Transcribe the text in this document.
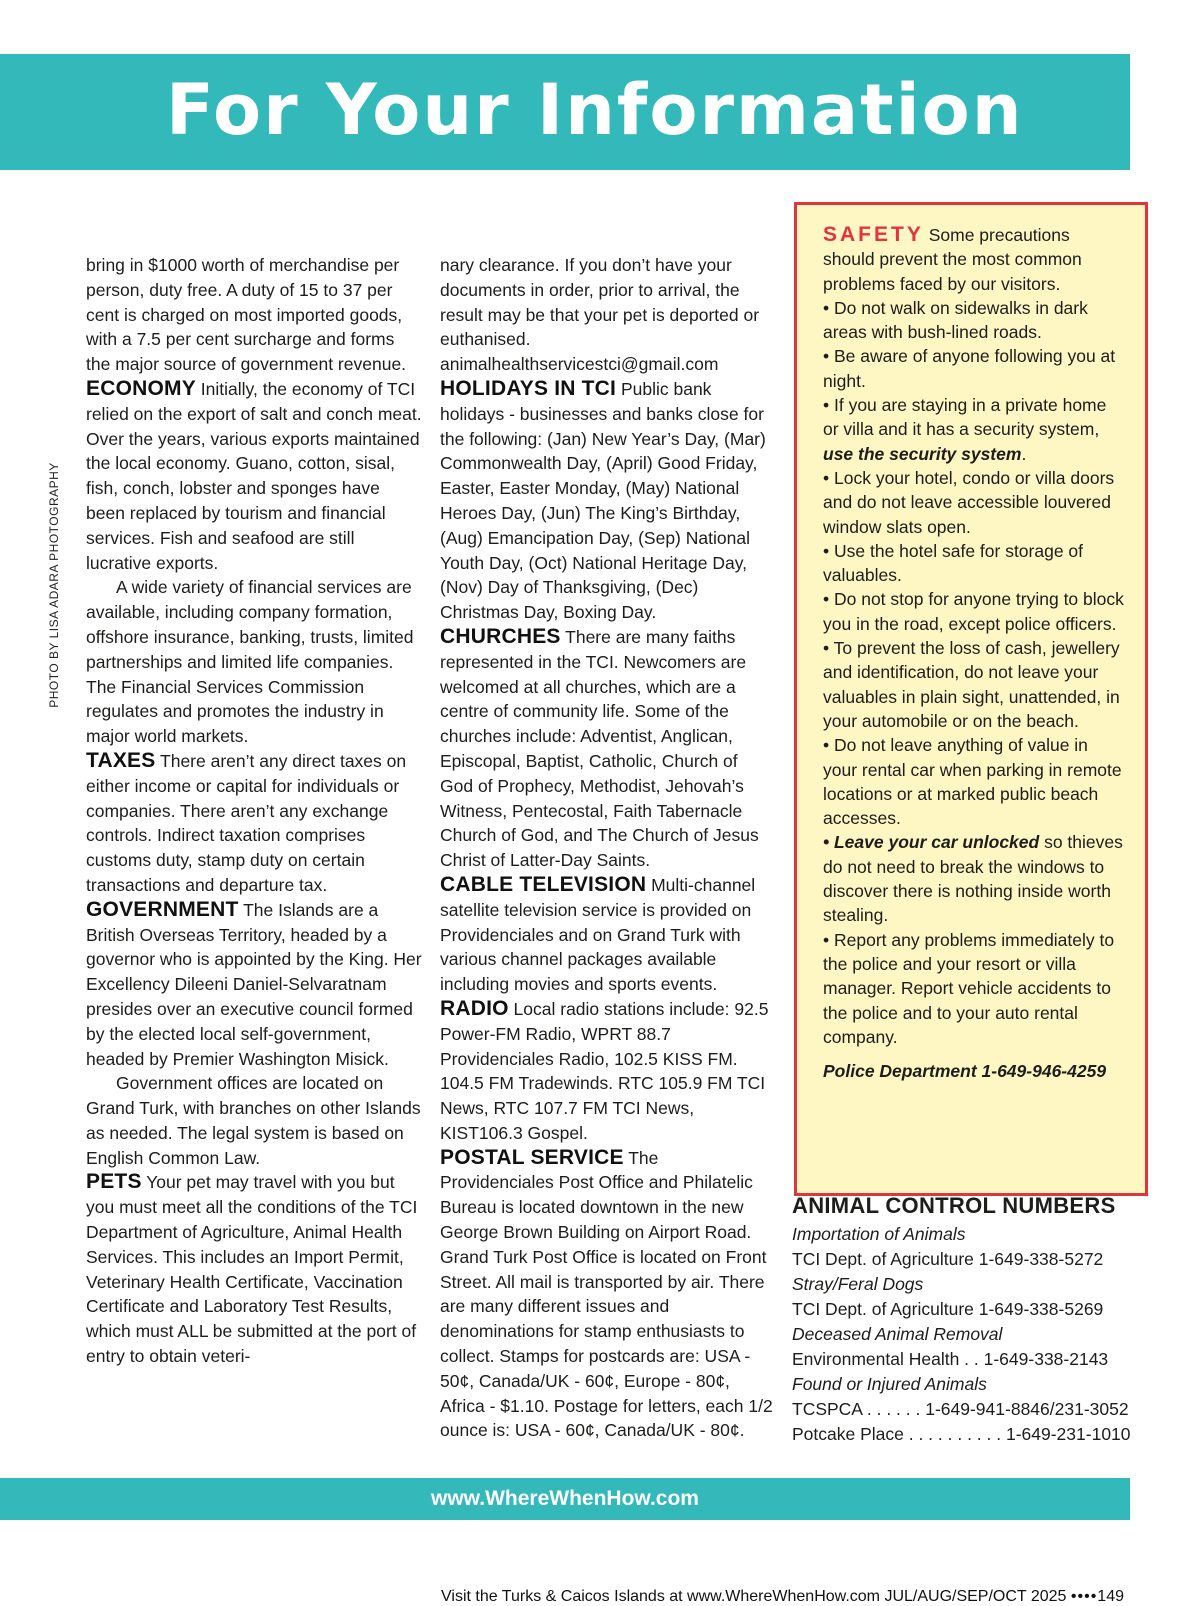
For Your Information
PHOTO BY LISA ADARA PHOTOGRAPHY

bring in $1000 worth of merchandise per person, duty free. A duty of 15 to 37 per cent is charged on most imported goods, with a 7.5 per cent surcharge and forms the major source of government revenue.

ECONOMY Initially, the economy of TCI relied on the export of salt and conch meat. Over the years, various exports maintained the local economy. Guano, cotton, sisal, fish, conch, lobster and sponges have been replaced by tourism and financial services. Fish and seafood are still lucrative exports.

A wide variety of financial services are available, including company formation, offshore insurance, banking, trusts, limited partnerships and limited life companies. The Financial Services Commission regulates and promotes the industry in major world markets.

TAXES There aren’t any direct taxes on either income or capital for individuals or companies. There aren’t any exchange controls. Indirect taxation comprises customs duty, stamp duty on certain transactions and departure tax.

GOVERNMENT The Islands are a British Overseas Territory, headed by a governor who is appointed by the King. Her Excellency Dileeni Daniel-Selvaratnam presides over an executive council formed by the elected local self-government, headed by Premier Washington Misick.

Government offices are located on Grand Turk, with branches on other Islands as needed. The legal system is based on English Common Law.

PETS Your pet may travel with you but you must meet all the conditions of the TCI Department of Agriculture, Animal Health Services. This includes an Import Permit, Veterinary Health Certificate, Vaccination Certificate and Laboratory Test Results, which must ALL be submitted at the port of entry to obtain veteri-

nary clearance. If you don’t have your documents in order, prior to arrival, the result may be that your pet is deported or euthanised.

animalhealthservicestci@gmail.com

HOLIDAYS IN TCI Public bank holidays - businesses and banks close for the following: (Jan) New Year’s Day, (Mar) Commonwealth Day, (April) Good Friday, Easter, Easter Monday, (May) National Heroes Day, (Jun) The King’s Birthday, (Aug) Emancipation Day, (Sep) National Youth Day, (Oct) National Heritage Day, (Nov) Day of Thanksgiving, (Dec) Christmas Day, Boxing Day.

CHURCHES There are many faiths represented in the TCI. Newcomers are welcomed at all churches, which are a centre of community life. Some of the churches include: Adventist, Anglican, Episcopal, Baptist, Catholic, Church of God of Prophecy, Methodist, Jehovah’s Witness, Pentecostal, Faith Tabernacle Church of God, and The Church of Jesus Christ of Latter-Day Saints.

CABLE TELEVISION Multi-channel satellite television service is provided on Providenciales and on Grand Turk with various channel packages available including movies and sports events.

RADIO Local radio stations include: 92.5 Power-FM Radio, WPRT 88.7 Providenciales Radio, 102.5 KISS FM. 104.5 FM Tradewinds. RTC 105.9 FM TCI News, RTC 107.7 FM TCI News, KIST106.3 Gospel.

POSTAL SERVICE The Providenciales Post Office and Philatelic Bureau is located downtown in the new George Brown Building on Airport Road. Grand Turk Post Office is located on Front Street. All mail is transported by air. There are many different issues and denominations for stamp enthusiasts to collect. Stamps for postcards are: USA - 50¢, Canada/UK - 60¢, Europe - 80¢, Africa - $1.10. Postage for letters, each 1/2 ounce is: USA - 60¢, Canada/UK - 80¢.

SAFETY Some precautions should prevent the most common problems faced by our visitors.

• Do not walk on sidewalks in dark areas with bush-lined roads.

• Be aware of anyone following you at night.

• If you are staying in a private home or villa and it has a security system, use the security system.

• Lock your hotel, condo or villa doors and do not leave accessible louvered window slats open.

• Use the hotel safe for storage of valuables.

• Do not stop for anyone trying to block you in the road, except police officers.

• To prevent the loss of cash, jewellery and identification, do not leave your valuables in plain sight, unattended, in your automobile or on the beach.

• Do not leave anything of value in your rental car when parking in remote locations or at marked public beach accesses.

• Leave your car unlocked so thieves do not need to break the windows to discover there is nothing inside worth stealing.

• Report any problems immediately to the police and your resort or villa manager. Report vehicle accidents to the police and to your auto rental company.

Police Department 1-649-946-4259

ANIMAL CONTROL NUMBERS

Importation of Animals

TCI Dept. of Agriculture 1-649-338-5272

Stray/Feral Dogs

TCI Dept. of Agriculture 1-649-338-5269

Deceased Animal Removal

Environmental Health . . 1-649-338-2143

Found or Injured Animals

TCSPCA . . . . . . 1-649-941-8846/231-3052

Potcake Place . . . . . . . . . . 1-649-231-1010

www.WhereWhenHow.com
Visit the Turks & Caicos Islands at www.WhereWhenHow.com JUL/AUG/SEP/OCT 2025 ••••149
